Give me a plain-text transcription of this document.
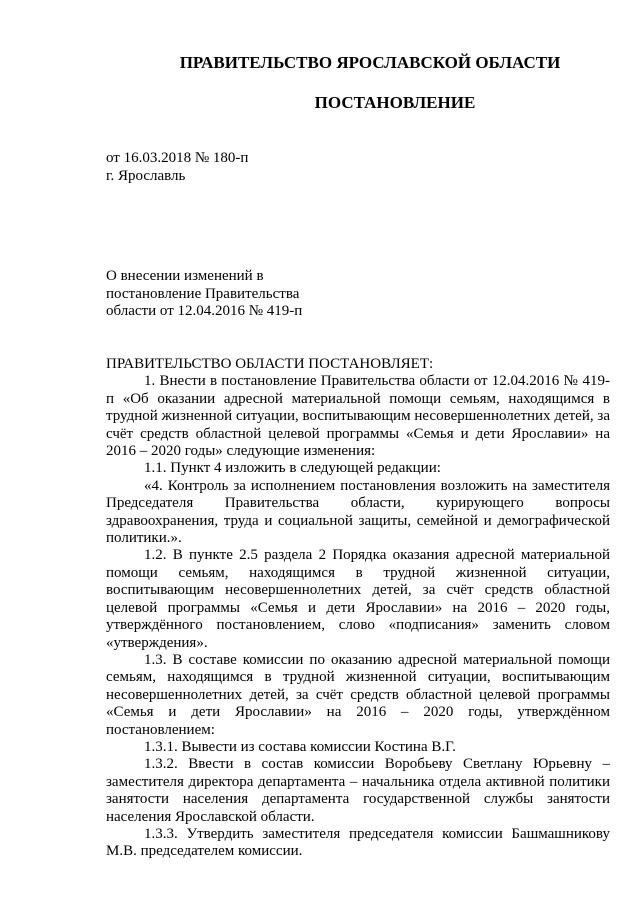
ПРАВИТЕЛЬСТВО ЯРОСЛАВСКОЙ ОБЛАСТИ
ПОСТАНОВЛЕНИЕ
от 16.03.2018 № 180-п
г. Ярославль
О внесении изменений в
постановление Правительства
области от 12.04.2016 № 419-п

ПРАВИТЕЛЬСТВО ОБЛАСТИ ПОСТАНОВЛЯЕТ:

1. Внести в постановление Правительства области от 12.04.2016 № 419-п «Об оказании адресной материальной помощи семьям, находящимся в трудной жизненной ситуации, воспитывающим несовершеннолетних детей, за счёт средств областной целевой программы «Семья и дети Ярославии» на 2016 – 2020 годы» следующие изменения:

1.1. Пункт 4 изложить в следующей редакции:

«4. Контроль за исполнением постановления возложить на заместителя Председателя Правительства области, курирующего вопросы здравоохранения, труда и социальной защиты, семейной и демографической политики.».

1.2. В пункте 2.5 раздела 2 Порядка оказания адресной материальной помощи семьям, находящимся в трудной жизненной ситуации, воспитывающим несовершеннолетних детей, за счёт средств областной целевой программы «Семья и дети Ярославии» на 2016 – 2020 годы, утверждённого постановлением, слово «подписания» заменить словом «утверждения».

1.3. В составе комиссии по оказанию адресной материальной помощи семьям, находящимся в трудной жизненной ситуации, воспитывающим несовершеннолетних детей, за счёт средств областной целевой программы «Семья и дети Ярославии» на 2016 – 2020 годы, утверждённом постановлением:

1.3.1. Вывести из состава комиссии Костина В.Г.

1.3.2. Ввести в состав комиссии Воробьеву Светлану Юрьевну – заместителя директора департамента – начальника отдела активной политики занятости населения департамента государственной службы занятости населения Ярославской области.

1.3.3. Утвердить заместителя председателя комиссии Башмашникову М.В. председателем комиссии.
